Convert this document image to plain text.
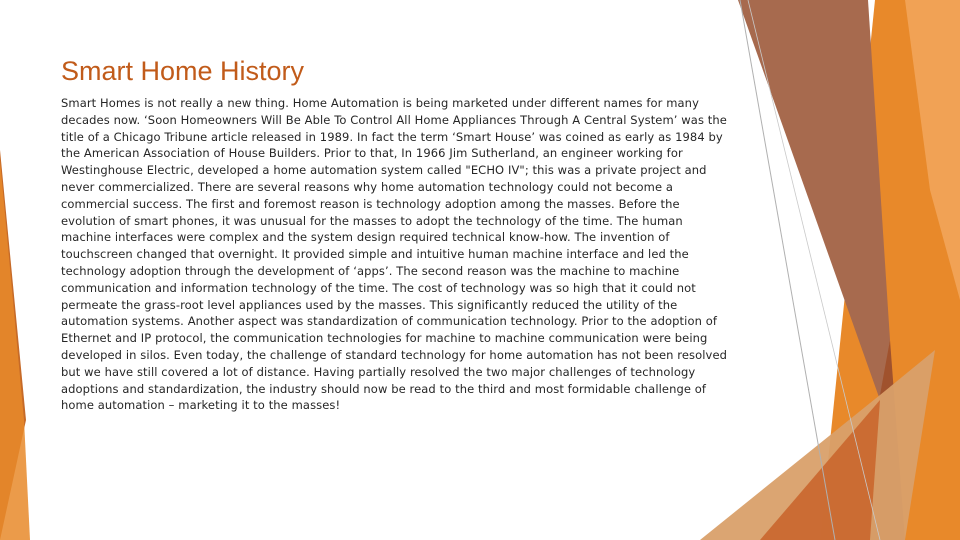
Smart Home History

Smart Homes is not really a new thing. Home Automation is being marketed under different names for many decades now. ‘Soon Homeowners Will Be Able To Control All Home Appliances Through A Central System’ was the title of a Chicago Tribune article released in 1989. In fact the term ‘Smart House’ was coined as early as 1984 by the American Association of House Builders. Prior to that, In 1966 Jim Sutherland, an engineer working for Westinghouse Electric, developed a home automation system called "ECHO IV"; this was a private project and never commercialized. There are several reasons why home automation technology could not become a commercial success. The first and foremost reason is technology adoption among the masses. Before the evolution of smart phones, it was unusual for the masses to adopt the technology of the time. The human machine interfaces were complex and the system design required technical know-how. The invention of touchscreen changed that overnight. It provided simple and intuitive human machine interface and led the technology adoption through the development of ‘apps’. The second reason was the machine to machine communication and information technology of the time. The cost of technology was so high that it could not permeate the grass-root level appliances used by the masses. This significantly reduced the utility of the automation systems. Another aspect was standardization of communication technology. Prior to the adoption of Ethernet and IP protocol, the communication technologies for machine to machine communication were being developed in silos. Even today, the challenge of standard technology for home automation has not been resolved but we have still covered a lot of distance. Having partially resolved the two major challenges of technology adoptions and standardization, the industry should now be read to the third and most formidable challenge of home automation – marketing it to the masses!
